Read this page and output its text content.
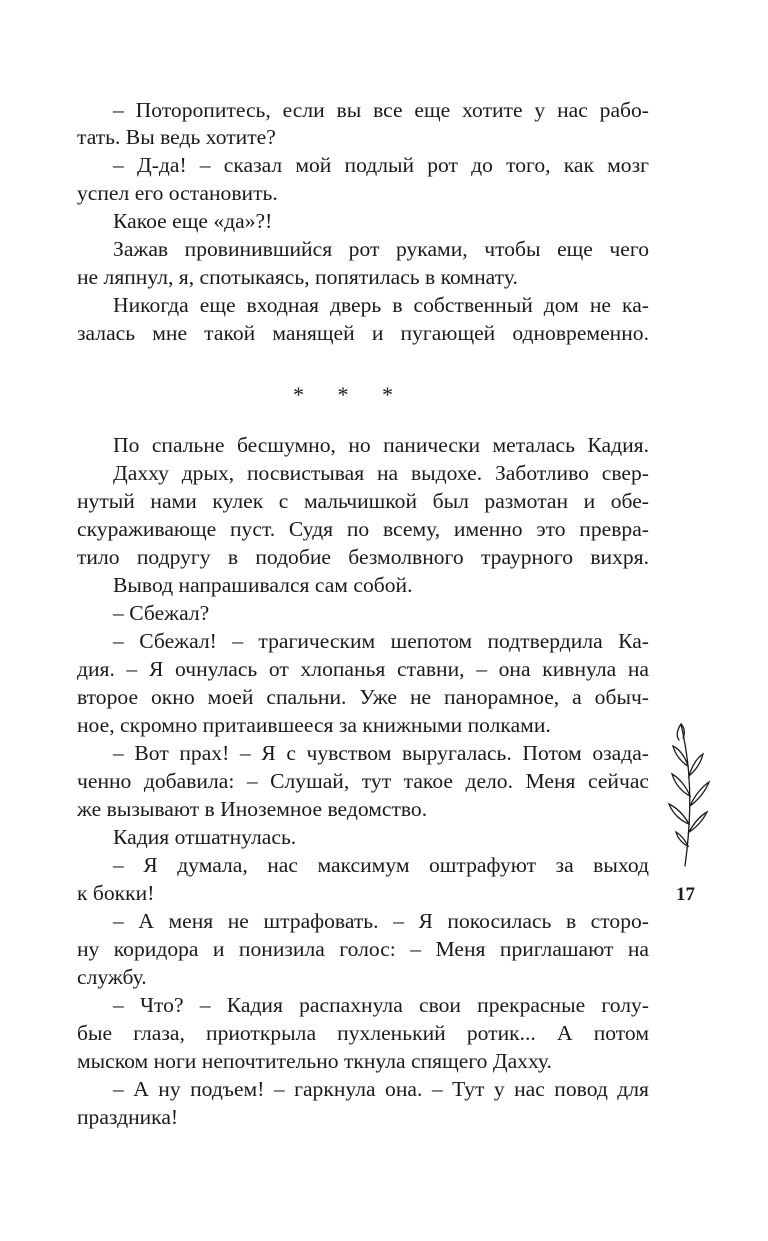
– Поторопитесь, если вы все еще хотите у нас рабо-
тать. Вы ведь хотите?
– Д-да! – сказал мой подлый рот до того, как мозг
успел его остановить.
Какое еще «да»?!
Зажав провинившийся рот руками, чтобы еще чего
не ляпнул, я, спотыкаясь, попятилась в комнату.
Никогда еще входная дверь в собственный дом не ка-
залась мне такой манящей и пугающей одновременно.
* * *
По спальне бесшумно, но панически металась Кадия.
Дахху дрых, посвистывая на выдохе. Заботливо свер-
нутый нами кулек с мальчишкой был размотан и обе-
скураживающе пуст. Судя по всему, именно это превра-
тило подругу в подобие безмолвного траурного вихря.
Вывод напрашивался сам собой.
– Сбежал?
– Сбежал! – трагическим шепотом подтвердила Ка-
дия. – Я очнулась от хлопанья ставни, – она кивнула на
второе окно моей спальни. Уже не панорамное, а обыч-
ное, скромно притаившееся за книжными полками.
– Вот прах! – Я с чувством выругалась. Потом озада-
ченно добавила: – Слушай, тут такое дело. Меня сейчас
же вызывают в Иноземное ведомство.
Кадия отшатнулась.
– Я думала, нас максимум оштрафуют за выход
к бокки!
– А меня не штрафовать. – Я покосилась в сторо-
ну коридора и понизила голос: – Меня приглашают на
службу.
– Что? – Кадия распахнула свои прекрасные голу-
бые глаза, приоткрыла пухленький ротик... А потом
мыском ноги непочтительно ткнула спящего Дахху.
– А ну подъем! – гаркнула она. – Тут у нас повод для
праздника!
17
